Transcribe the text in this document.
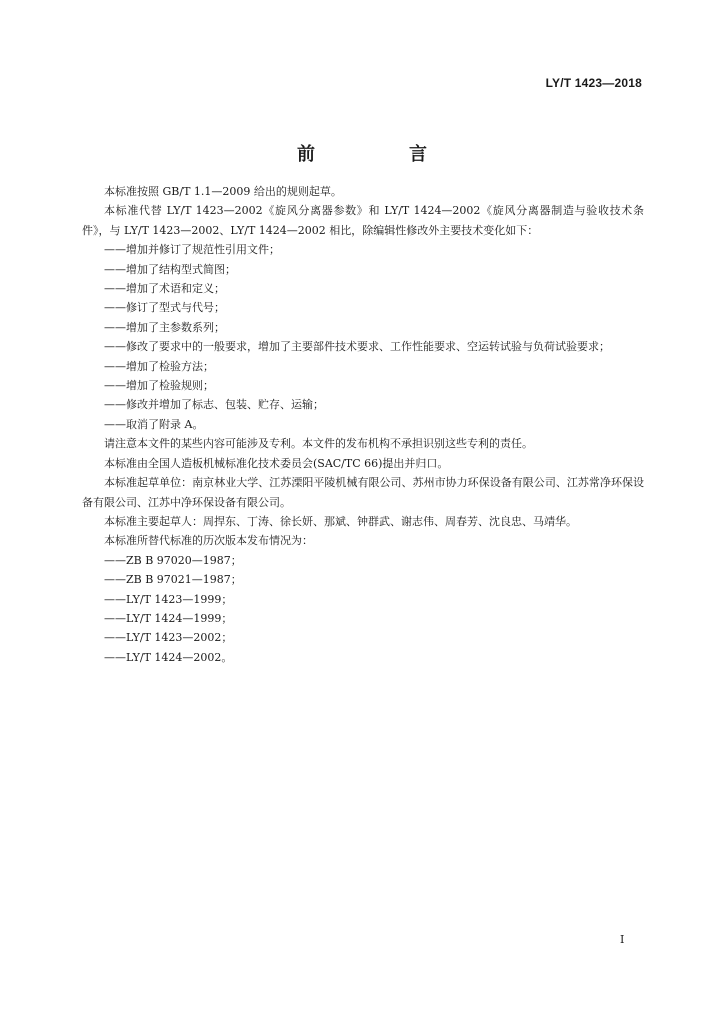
LY/T 1423—2018
前　言

本标准按照 GB/T 1.1—2009 给出的规则起草。

本标准代替 LY/T 1423—2002《旋风分离器参数》和 LY/T 1424—2002《旋风分离器制造与验收技术条件》，与 LY/T 1423—2002、LY/T 1424—2002 相比，除编辑性修改外主要技术变化如下：

——增加并修订了规范性引用文件；

——增加了结构型式简图；

——增加了术语和定义；

——修订了型式与代号；

——增加了主参数系列；

——修改了要求中的一般要求，增加了主要部件技术要求、工作性能要求、空运转试验与负荷试验要求；

——增加了检验方法；

——增加了检验规则；

——修改并增加了标志、包装、贮存、运输；

——取消了附录 A。

请注意本文件的某些内容可能涉及专利。本文件的发布机构不承担识别这些专利的责任。

本标准由全国人造板机械标准化技术委员会(SAC/TC 66)提出并归口。

本标准起草单位：南京林业大学、江苏溧阳平陵机械有限公司、苏州市协力环保设备有限公司、江苏常净环保设备有限公司、江苏中净环保设备有限公司。

本标准主要起草人：周捍东、丁涛、徐长妍、那斌、钟群武、谢志伟、周春芳、沈良忠、马靖华。

本标准所替代标准的历次版本发布情况为：

——ZB B 97020—1987；

——ZB B 97021—1987；

——LY/T 1423—1999；

——LY/T 1424—1999；

——LY/T 1423—2002；

——LY/T 1424—2002。

I
